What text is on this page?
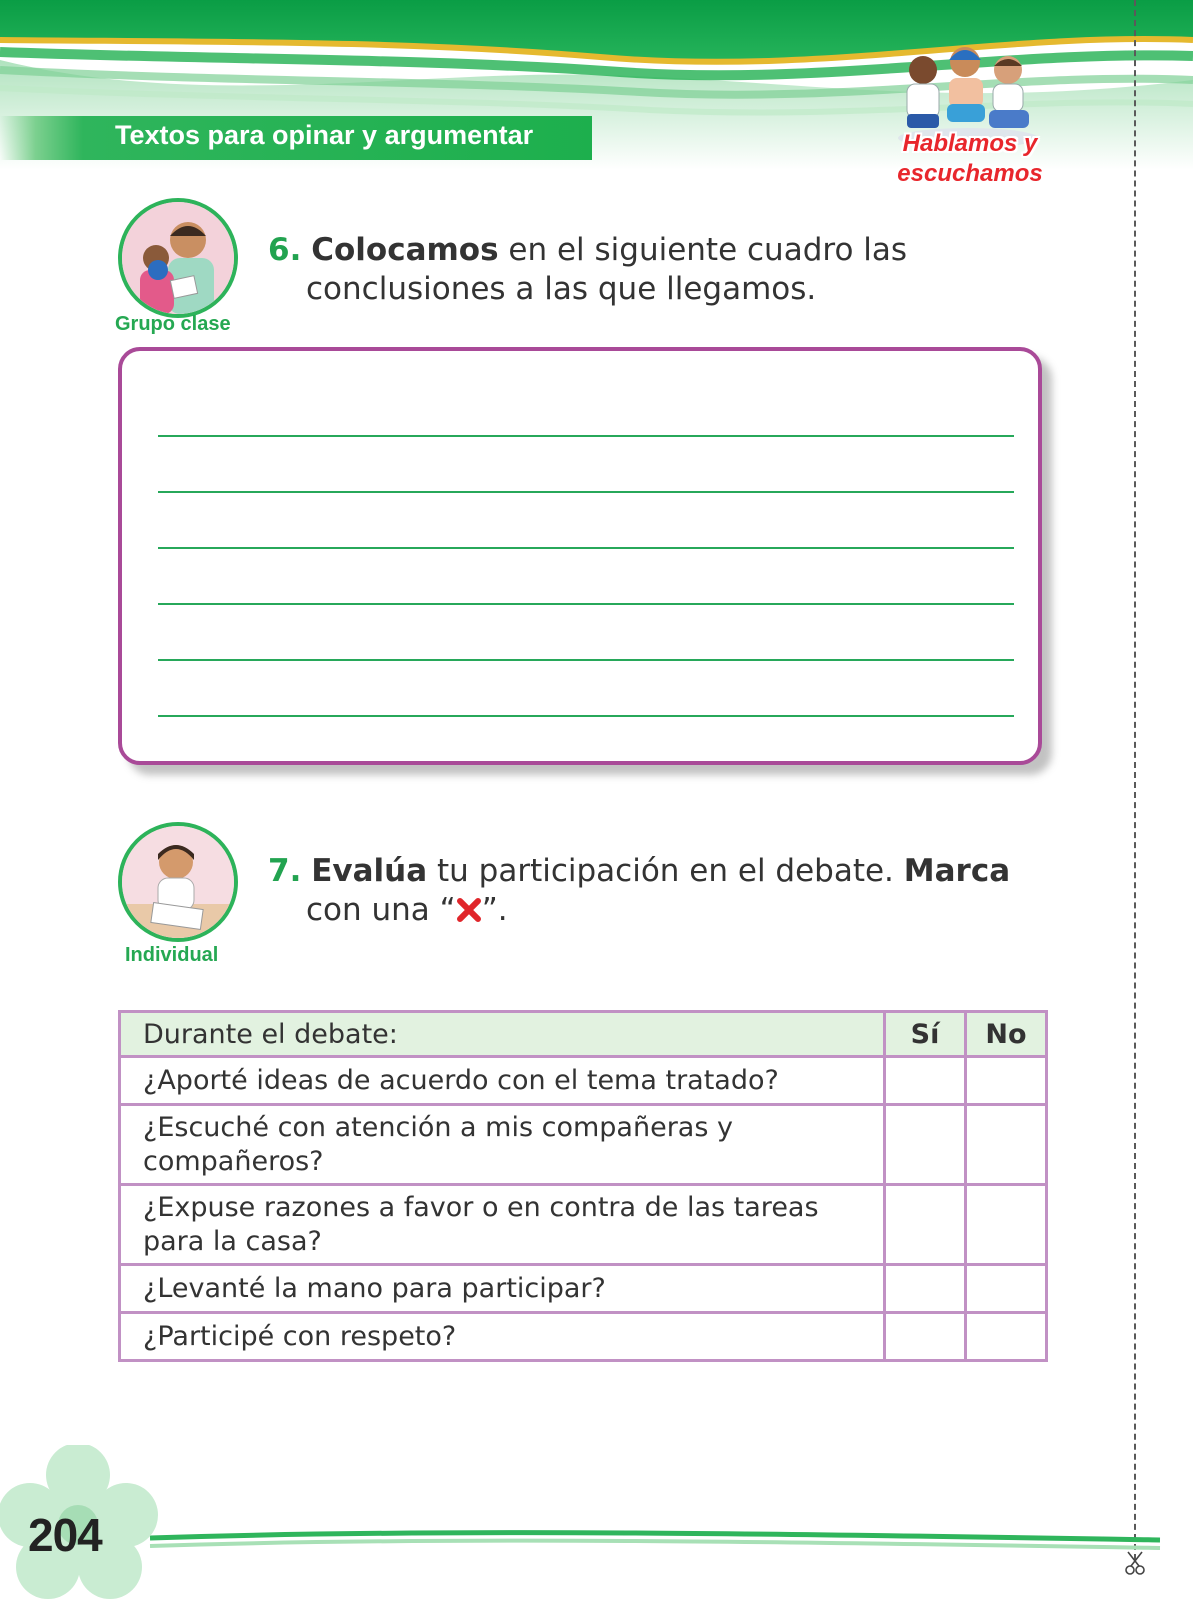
Textos para opinar y argumentar	Hablamos y
escuchamos
Grupo clase
6. Colocamos en el siguiente cuadro las
conclusiones a las que llegamos.
Individual
7. Evalúa tu participación en el debate. Marca
con una “ ”.
Durante el debate:	Sí	No
¿Aporté ideas de acuerdo con el tema tratado?		

¿Escuché con atención a mis compañeras y
compañeros?		

¿Expuse razones a favor o en contra de las tareas
para la casa?		

¿Levanté la mano para participar?		
¿Participé con respeto?		
204
